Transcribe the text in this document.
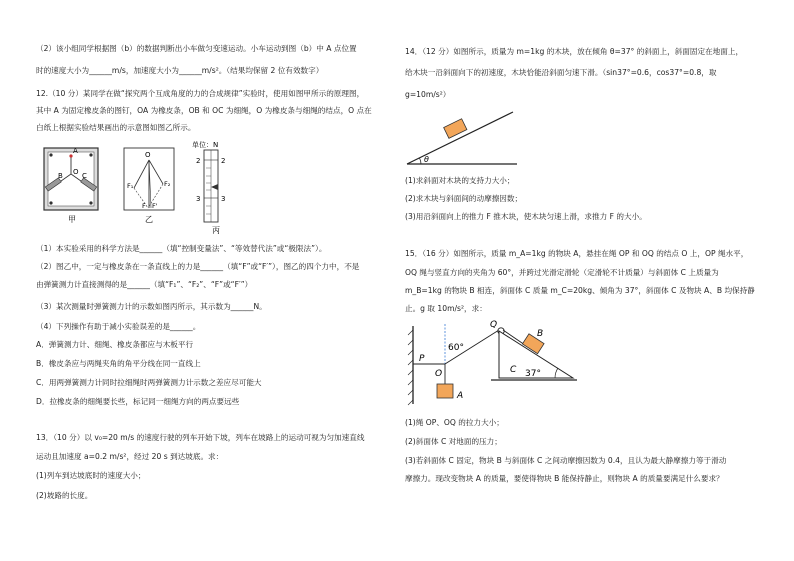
（2）该小组同学根据图（b）的数据判断出小车做匀变速运动。小车运动到图（b）中 A 点位置
时的速度大小为______m/s，加速度大小为______m/s²。（结果均保留 2 位有效数字）
12.（10 分）某同学在做“探究两个互成角度的力的合成规律”实验时，使用如图甲所示的原理图，
其中 A 为固定橡皮条的图钉，OA 为橡皮条，OB 和 OC 为细绳，O 为橡皮条与细绳的结点，O 点在
白纸上根据实验结果画出的示意图如图乙所示。
A
O
B	C
甲
O
F₁	F₂
F F'
乙
单位：N
2	2
3	3
丙
（1）本实验采用的科学方法是______（填“控制变量法”、“等效替代法”或“极限法”）。
（2）图乙中，一定与橡皮条在一条直线上的力是______（填“F”或“F′”），图乙的四个力中，不是
由弹簧测力计直接测得的是______（填“F₁”、“F₂”、“F”或“F′”）
（3）某次测量时弹簧测力计的示数如图丙所示，其示数为______N。
（4）下列操作有助于减小实验误差的是______。
A．弹簧测力计、细绳、橡皮条都应与木板平行
B．橡皮条应与两绳夹角的角平分线在同一直线上
C．用两弹簧测力计同时拉细绳时两弹簧测力计示数之差应尽可能大
D．拉橡皮条的细绳要长些，标记同一细绳方向的两点要远些
13．（10 分）以 v₀=20 m/s 的速度行驶的列车开始下坡，列车在坡路上的运动可视为匀加速直线
运动且加速度 a=0.2 m/s²，经过 20 s 到达坡底。求：
(1)列车到达坡底时的速度大小；
(2)坡路的长度。
14．（12 分）如图所示，质量为 m=1kg 的木块，放在倾角 θ=37° 的斜面上，斜面固定在地面上，
给木块一沿斜面向下的初速度，木块恰能沿斜面匀速下滑。（sin37°=0.6，cos37°=0.8，取
g=10m/s²）
θ
(1)求斜面对木块的支持力大小；
(2)求木块与斜面间的动摩擦因数；
(3)用沿斜面向上的推力 F 推木块，使木块匀速上滑，求推力 F 的大小。
15．（16 分）如图所示，质量 m_A=1kg 的物块 A，悬挂在绳 OP 和 OQ 的结点 O 上，OP 绳水平，
OQ 绳与竖直方向的夹角为 60°，并跨过光滑定滑轮（定滑轮不计质量）与斜面体 C 上质量为
m_B=1kg 的物块 B 相连，斜面体 C 质量 m_C=20kg、倾角为 37°，斜面体 C 及物块 A、B 均保持静
止。g 取 10m/s²，求：
P
O
Q
A
B
C
60°
37°
(1)绳 OP、OQ 的拉力大小；
(2)斜面体 C 对地面的压力；
(3)若斜面体 C 固定，物块 B 与斜面体 C 之间动摩擦因数为 0.4，且认为最大静摩擦力等于滑动
摩擦力。现改变物块 A 的质量，要使得物块 B 能保持静止，则物块 A 的质量要满足什么要求？
